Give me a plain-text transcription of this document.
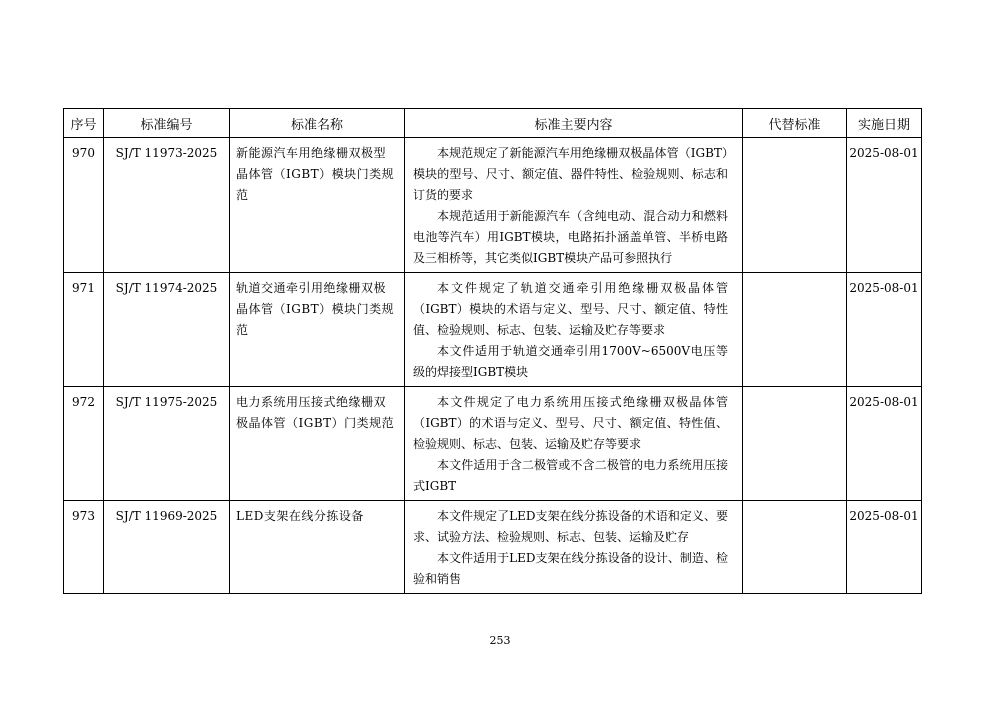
序号	标准编号	标准名称	标准主要内容	代替标准	实施日期
970	SJ/T 11973-2025	新能源汽车用绝缘栅双极型晶体管（IGBT）模块门类规范	本规范规定了新能源汽车用绝缘栅双极晶体管（IGBT）模块的型号、尺寸、额定值、器件特性、检验规则、标志和订货的要求

本规范适用于新能源汽车（含纯电动、混合动力和燃料电池等汽车）用IGBT模块，电路拓扑涵盖单管、半桥电路及三相桥等，其它类似IGBT模块产品可参照执行		2025-08-01
971	SJ/T 11974-2025	轨道交通牵引用绝缘栅双极晶体管（IGBT）模块门类规范	本文件规定了轨道交通牵引用绝缘栅双极晶体管（IGBT）模块的术语与定义、型号、尺寸、额定值、特性值、检验规则、标志、包装、运输及贮存等要求

本文件适用于轨道交通牵引用1700V~6500V电压等级的焊接型IGBT模块		2025-08-01
972	SJ/T 11975-2025	电力系统用压接式绝缘栅双极晶体管（IGBT）门类规范	本文件规定了电力系统用压接式绝缘栅双极晶体管（IGBT）的术语与定义、型号、尺寸、额定值、特性值、检验规则、标志、包装、运输及贮存等要求

本文件适用于含二极管或不含二极管的电力系统用压接式IGBT		2025-08-01
973	SJ/T 11969-2025	LED支架在线分拣设备	本文件规定了LED支架在线分拣设备的术语和定义、要求、试验方法、检验规则、标志、包装、运输及贮存

本文件适用于LED支架在线分拣设备的设计、制造、检验和销售		2025-08-01
253
